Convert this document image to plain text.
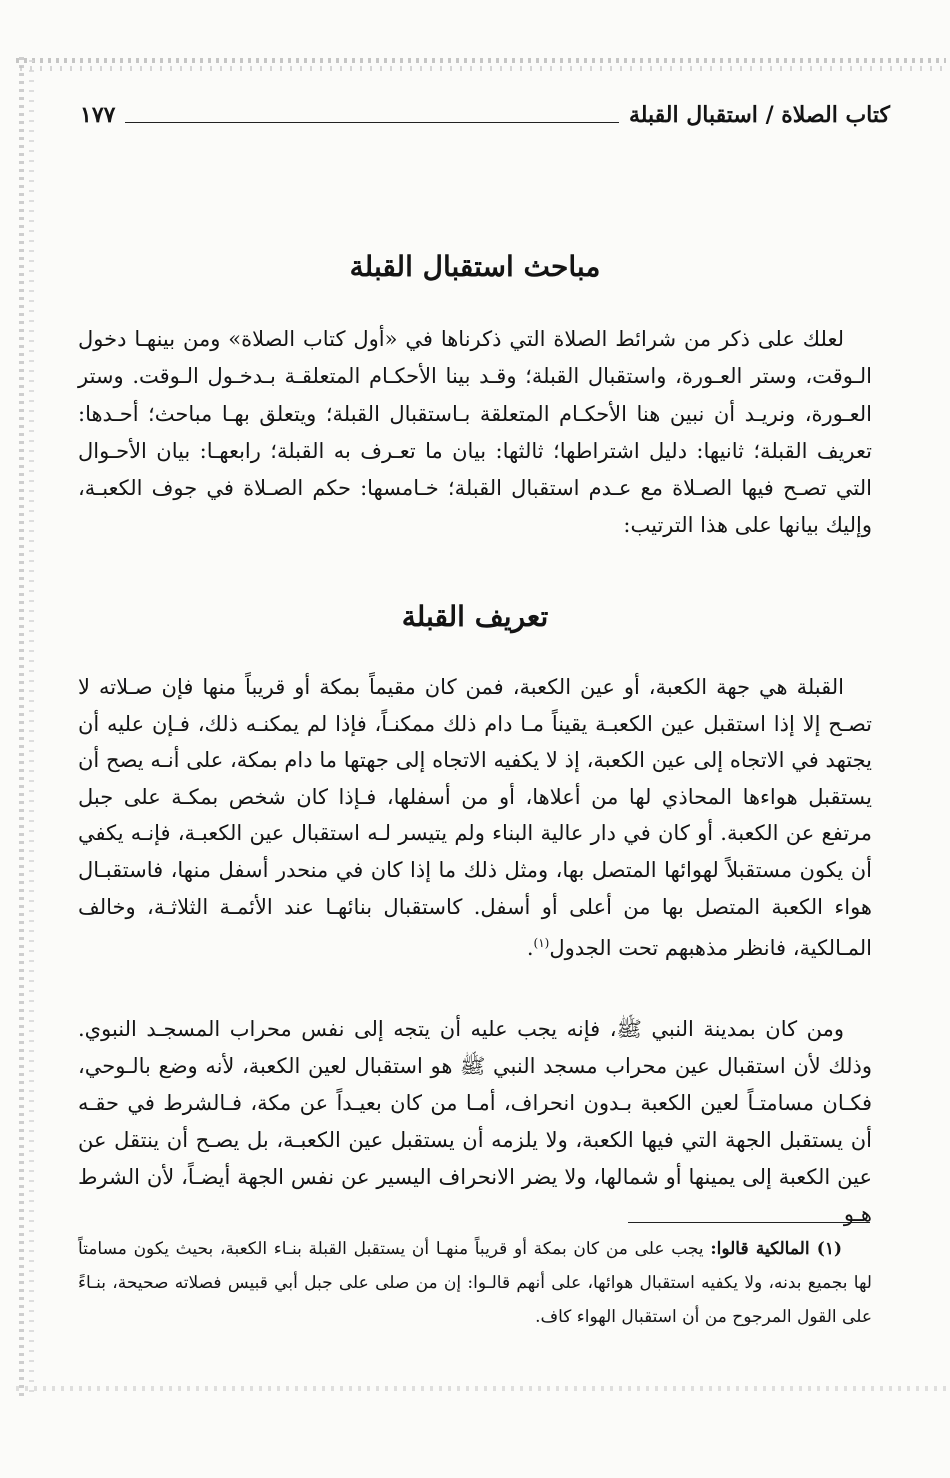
كتاب الصلاة / استقبال القبلة
١٧٧
مباحث استقبال القبلة

لعلك على ذكر من شرائط الصلاة التي ذكرناها في «أول كتاب الصلاة» ومن بينهـا دخول الـوقت، وستر العـورة، واستقبال القبلة؛ وقـد بينا الأحكـام المتعلقـة بـدخـول الـوقت. وستر العـورة، ونريـد أن نبين هنا الأحكـام المتعلقة بـاستقبال القبلة؛ ويتعلق بهـا مباحث؛ أحـدها: تعريف القبلة؛ ثانيها: دليل اشتراطها؛ ثالثها: بيان ما تعـرف به القبلة؛ رابعهـا: بيان الأحـوال التي تصـح فيها الصـلاة مع عـدم استقبال القبلة؛ خـامسها: حكم الصـلاة في جوف الكعبـة، وإليك بيانها على هذا الترتيب:

تعريف القبلة

القبلة هي جهة الكعبة، أو عين الكعبة، فمن كان مقيماً بمكة أو قريباً منها فإن صـلاته لا تصـح إلا إذا استقبل عين الكعبـة يقيناً مـا دام ذلك ممكنـاً، فإذا لم يمكنـه ذلك، فـإن عليه أن يجتهد في الاتجاه إلى عين الكعبة، إذ لا يكفيه الاتجاه إلى جهتها ما دام بمكة، على أنـه يصح أن يستقبل هواءها المحاذي لها من أعلاها، أو من أسفلها، فـإذا كان شخص بمكـة على جبل مرتفع عن الكعبة. أو كان في دار عالية البناء ولم يتيسر لـه استقبال عين الكعبـة، فإنـه يكفي أن يكون مستقبلاً لهوائها المتصل بها، ومثل ذلك ما إذا كان في منحدر أسفل منها، فاستقبـال هواء الكعبة المتصل بها من أعلى أو أسفل. كاستقبال بنائهـا عند الأئمـة الثلاثـة، وخالف المـالكية، فانظر مذهبهم تحت الجدول$^{(١)}$.

ومن كان بمدينة النبي ﷺ، فإنه يجب عليه أن يتجه إلى نفس محراب المسجـد النبوي. وذلك لأن استقبال عين محراب مسجد النبي ﷺ هو استقبال لعين الكعبة، لأنه وضع بالـوحي، فكـان مسامتـاً لعين الكعبة بـدون انحراف، أمـا من كان بعيـداً عن مكة، فـالشرط في حقـه أن يستقبل الجهة التي فيها الكعبة، ولا يلزمه أن يستقبل عين الكعبـة، بل يصـح أن ينتقل عن عين الكعبة إلى يمينها أو شمالها، ولا يضر الانحراف اليسير عن نفس الجهة أيضـاً، لأن الشرط هـو

(١) المالكية قالوا: يجب على من كان بمكة أو قريباً منهـا أن يستقبل القبلة بنـاء الكعبة، بحيث يكون مسامتاً لها بجميع بدنه، ولا يكفيه استقبال هوائها، على أنهم قالـوا: إن من صلى على جبل أبي قبيس فصلاته صحيحة، بنـاءً على القول المرجوح من أن استقبال الهواء كاف.
